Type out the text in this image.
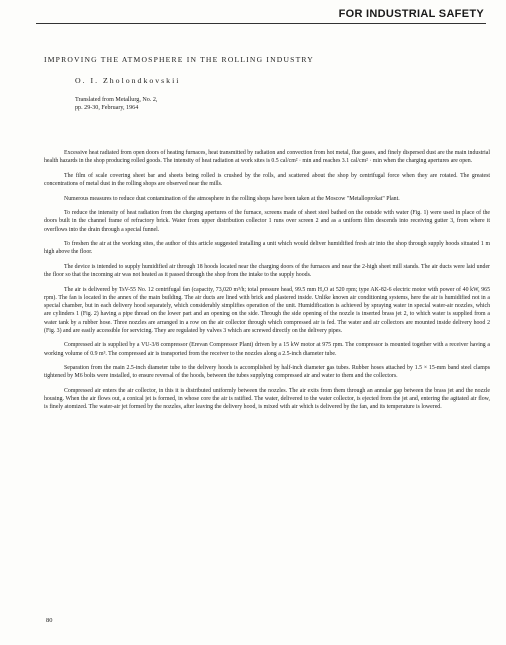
FOR INDUSTRIAL SAFETY
IMPROVING THE ATMOSPHERE IN THE ROLLING INDUSTRY
O. I. Zholondkovskii
Translated from Metallurg, No. 2,
pp. 29-30, February, 1964

Excessive heat radiated from open doors of heating furnaces, heat transmitted by radiation and convection from hot metal, flue gases, and finely dispersed dust are the main industrial health hazards in the shop producing rolled goods. The intensity of heat radiation at work sites is 0.5 cal/cm² · min and reaches 3.1 cal/cm² · min when the charging apertures are open.

The film of scale covering sheet bar and sheets being rolled is crushed by the rolls, and scattered about the shop by centrifugal force when they are rotated. The greatest concentrations of metal dust in the rolling shops are observed near the mills.

Numerous measures to reduce dust contamination of the atmosphere in the rolling shops have been taken at the Moscow "Metalloprokat" Plant.

To reduce the intensity of heat radiation from the charging apertures of the furnace, screens made of sheet steel bathed on the outside with water (Fig. 1) were used in place of the doors built in the channel frame of refractory brick. Water from upper distribution collector 1 runs over screen 2 and as a uniform film descends into receiving gutter 3, from where it overflows into the drain through a special funnel.

To freshen the air at the working sites, the author of this article suggested installing a unit which would deliver humidified fresh air into the shop through supply hoods situated 1 m high above the floor.

The device is intended to supply humidified air through 18 hoods located near the charging doors of the furnaces and near the 2-high sheet mill stands. The air ducts were laid under the floor so that the incoming air was not heated as it passed through the shop from the intake to the supply hoods.

The air is delivered by TsV-55 No. 12 centrifugal fan (capacity, 73,020 m³/h; total pressure head, 99.5 mm H₂O at 520 rpm; type AK-82-6 electric motor with power of 40 kW, 965 rpm). The fan is located in the annex of the main building. The air ducts are lined with brick and plastered inside. Unlike known air conditioning systems, here the air is humidified not in a special chamber, but in each delivery hood separately, which considerably simplifies operation of the unit. Humidification is achieved by spraying water in special water-air nozzles, which are cylinders 1 (Fig. 2) having a pipe thread on the lower part and an opening on the side. Through the side opening of the nozzle is inserted brass jet 2, to which water is supplied from a water tank by a rubber hose. Three nozzles are arranged in a row on the air collector through which compressed air is fed. The water and air collectors are mounted inside delivery hood 2 (Fig. 3) and are easily accessible for servicing. They are regulated by valves 3 which are screwed directly on the delivery pipes.

Compressed air is supplied by a VU-3/8 compressor (Erevan Compressor Plant) driven by a 15 kW motor at 975 rpm. The compressor is mounted together with a receiver having a working volume of 0.9 m³. The compressed air is transported from the receiver to the nozzles along a 2.5-inch diameter tube.

Separation from the main 2.5-inch diameter tube to the delivery hoods is accomplished by half-inch diameter gas tubes. Rubber hoses attached by 1.5 × 15-mm band steel clamps tightened by M6 bolts were installed, to ensure reversal of the hoods, between the tubes supplying compressed air and water to them and the collectors.

Compressed air enters the air collector, in this it is distributed uniformly between the nozzles. The air exits from them through an annular gap between the brass jet and the nozzle housing. When the air flows out, a conical jet is formed, in whose core the air is ratified. The water, delivered to the water collector, is ejected from the jet and, entering the agitated air flow, is finely atomized. The water-air jet formed by the nozzles, after leaving the delivery hood, is mixed with air which is delivered by the fan, and its temperature is lowered.

80
